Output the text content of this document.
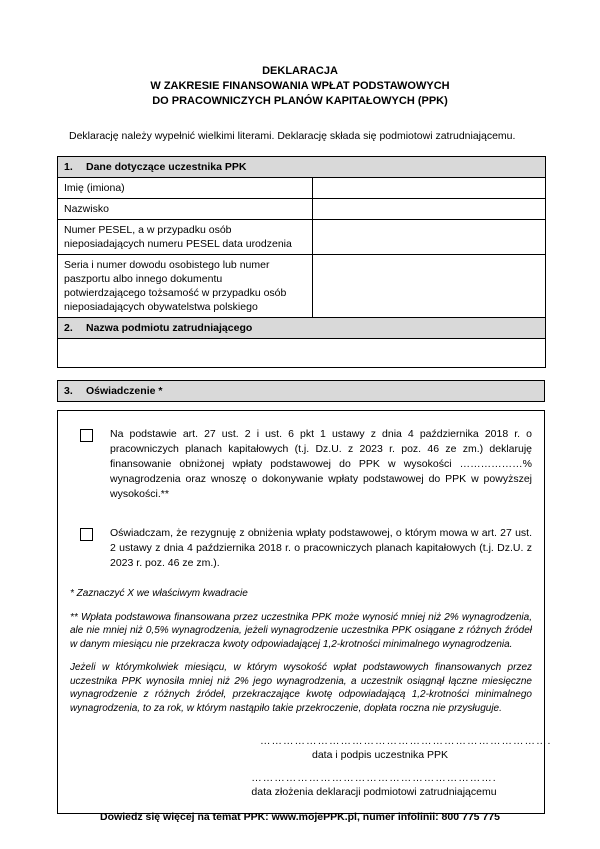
DEKLARACJA
W ZAKRESIE FINANSOWANIA WPŁAT PODSTAWOWYCH
DO PRACOWNICZYCH PLANÓW KAPITAŁOWYCH (PPK)
Deklarację należy wypełnić wielkimi literami. Deklarację składa się podmiotowi zatrudniającemu.
1. Dane dotyczące uczestnika PPK	
Imię (imiona)	
Nazwisko	
Numer PESEL, a w przypadku osób nieposiadających numeru PESEL data urodzenia	
Seria i numer dowodu osobistego lub numer paszportu albo innego dokumentu potwierdzającego tożsamość w przypadku osób nieposiadających obywatelstwa polskiego	
2. Nazwa podmiotu zatrudniającego	

3. Oświadczenie *
Na podstawie art. 27 ust. 2 i ust. 6 pkt 1 ustawy z dnia 4 października 2018 r. o pracowniczych planach kapitałowych (t.j. Dz.U. z 2023 r. poz. 46 ze zm.) deklaruję finansowanie obniżonej wpłaty podstawowej do PPK w wysokości ………………% wynagrodzenia oraz wnoszę o dokonywanie wpłaty podstawowej do PPK w powyższej wysokości.**
Oświadczam, że rezygnuję z obniżenia wpłaty podstawowej, o którym mowa w art. 27 ust. 2 ustawy z dnia 4 października 2018 r. o pracowniczych planach kapitałowych (t.j. Dz.U. z 2023 r. poz. 46 ze zm.).
* Zaznaczyć X we właściwym kwadracie
** Wpłata podstawowa finansowana przez uczestnika PPK może wynosić mniej niż 2% wynagrodzenia, ale nie mniej niż 0,5% wynagrodzenia, jeżeli wynagrodzenie uczestnika PPK osiągane z różnych źródeł w danym miesiącu nie przekracza kwoty odpowiadającej 1,2-krotności minimalnego wynagrodzenia.
Jeżeli w którymkolwiek miesiącu, w którym wysokość wpłat podstawowych finansowanych przez uczestnika PPK wynosiła mniej niż 2% jego wynagrodzenia, a uczestnik osiągnął łączne miesięczne wynagrodzenie z różnych źródeł, przekraczające kwotę odpowiadającą 1,2-krotności minimalnego wynagrodzenia, to za rok, w którym nastąpiło takie przekroczenie, dopłata roczna nie przysługuje.
………………………………………………………………….
data i podpis uczestnika PPK
……………………………………………………….
data złożenia deklaracji podmiotowi zatrudniającemu
Dowiedz się więcej na temat PPK: www.mojePPK.pl, numer infolinii: 800 775 775
